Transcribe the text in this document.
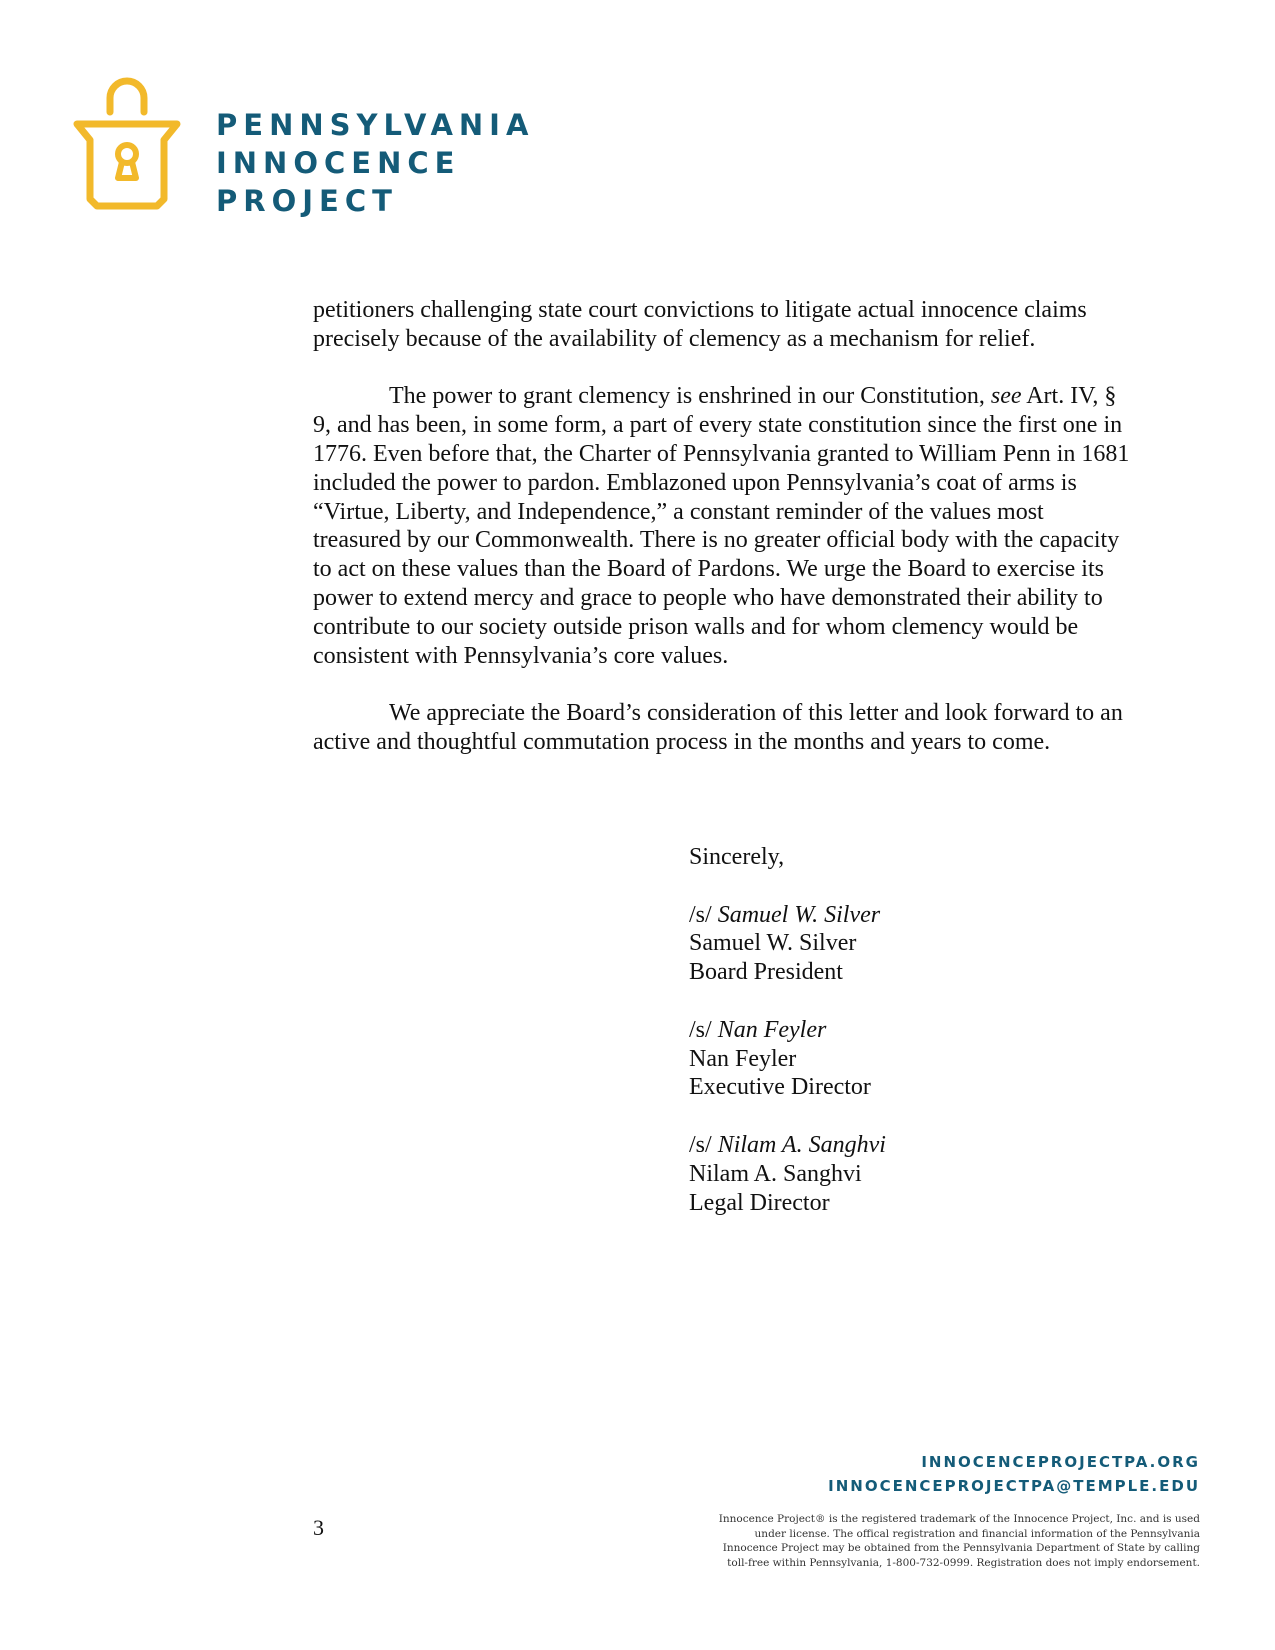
PENNSYLVANIA
INNOCENCE
PROJECT

petitioners challenging state court convictions to litigate actual innocence claims precisely because of the availability of clemency as a mechanism for relief.

The power to grant clemency is enshrined in our Constitution, see Art. IV, § 9, and has been, in some form, a part of every state constitution since the first one in 1776. Even before that, the Charter of Pennsylvania granted to William Penn in 1681 included the power to pardon. Emblazoned upon Pennsylvania’s coat of arms is “Virtue, Liberty, and Independence,” a constant reminder of the values most treasured by our Commonwealth. There is no greater official body with the capacity to act on these values than the Board of Pardons. We urge the Board to exercise its power to extend mercy and grace to people who have demonstrated their ability to contribute to our society outside prison walls and for whom clemency would be consistent with Pennsylvania’s core values.

We appreciate the Board’s consideration of this letter and look forward to an active and thoughtful commutation process in the months and years to come.

Sincerely,
/s/ Samuel W. Silver
Samuel W. Silver
Board President
/s/ Nan Feyler
Nan Feyler
Executive Director
/s/ Nilam A. Sanghvi
Nilam A. Sanghvi
Legal Director
3
INNOCENCEPROJECTPA.ORG
INNOCENCEPROJECTPA@TEMPLE.EDU
Innocence Project® is the registered trademark of the Innocence Project, Inc. and is used under license. The offical registration and financial information of the Pennsylvania Innocence Project may be obtained from the Pennsylvania Department of State by calling toll-free within Pennsylvania, 1-800-732-0999. Registration does not imply endorsement.
